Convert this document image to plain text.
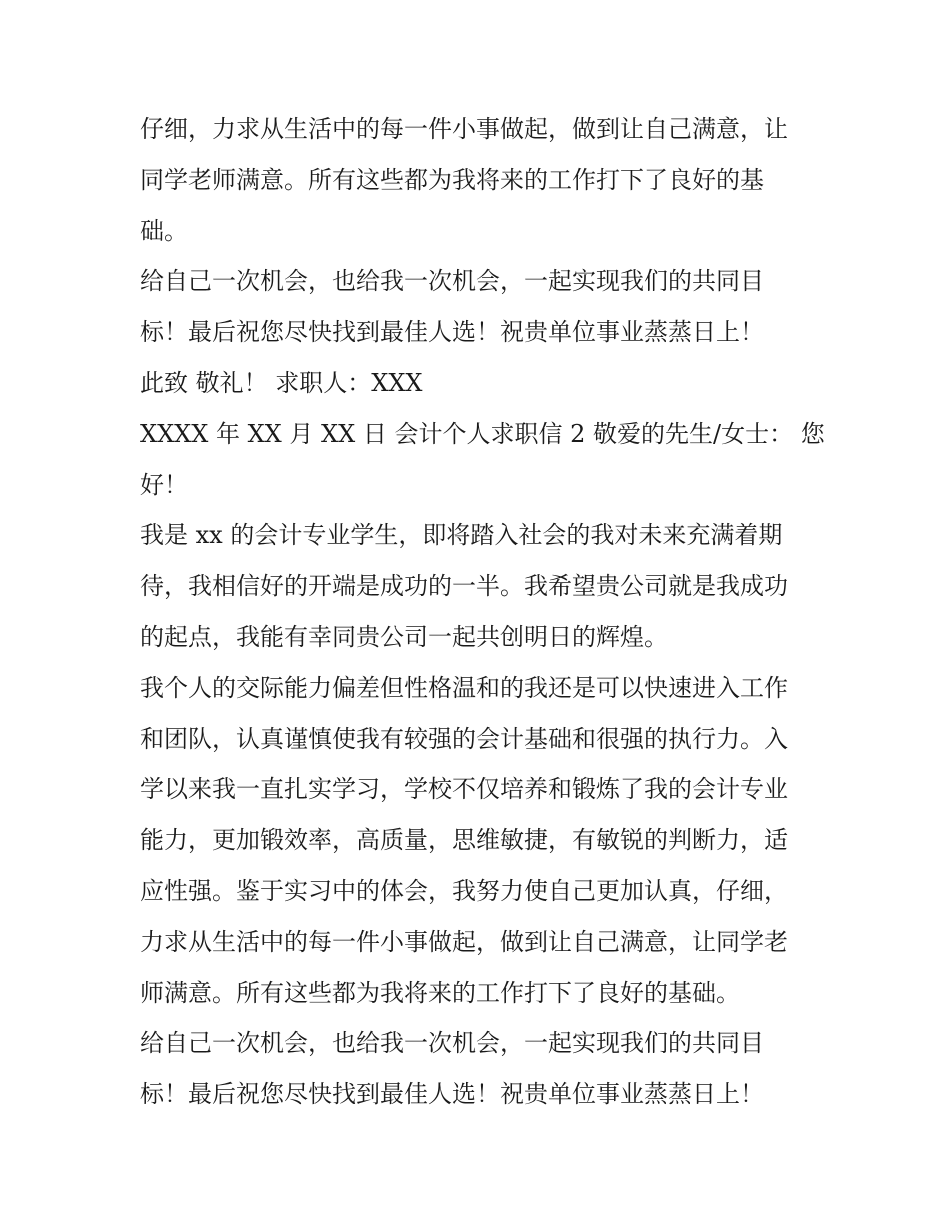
仔细，力求从生活中的每一件小事做起，做到让自己满意，让
同学老师满意。所有这些都为我将来的工作打下了良好的基
础。
给自己一次机会，也给我一次机会，一起实现我们的共同目
标！最后祝您尽快找到最佳人选！祝贵单位事业蒸蒸日上！
此致 敬礼！ 求职人：XXX
XXXX 年 XX 月 XX 日 会计个人求职信 2 敬爱的先生/女士： 您
好！
我是 xx 的会计专业学生，即将踏入社会的我对未来充满着期
待，我相信好的开端是成功的一半。我希望贵公司就是我成功
的起点，我能有幸同贵公司一起共创明日的辉煌。
我个人的交际能力偏差但性格温和的我还是可以快速进入工作
和团队，认真谨慎使我有较强的会计基础和很强的执行力。入
学以来我一直扎实学习，学校不仅培养和锻炼了我的会计专业
能力，更加锻效率，高质量，思维敏捷，有敏锐的判断力，适
应性强。鉴于实习中的体会，我努力使自己更加认真，仔细，
力求从生活中的每一件小事做起，做到让自己满意，让同学老
师满意。所有这些都为我将来的工作打下了良好的基础。
给自己一次机会，也给我一次机会，一起实现我们的共同目
标！最后祝您尽快找到最佳人选！祝贵单位事业蒸蒸日上！
